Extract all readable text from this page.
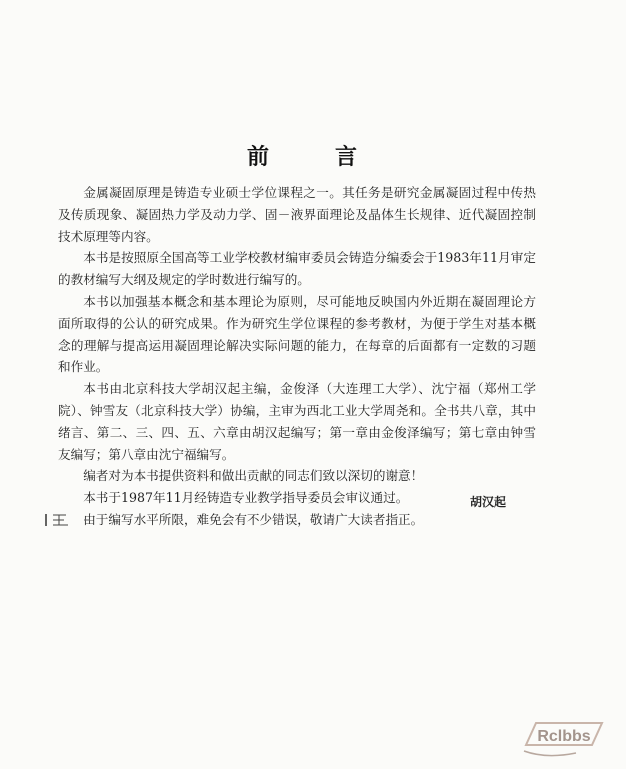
前　言

金属凝固原理是铸造专业硕士学位课程之一。其任务是研究金属凝固过程中传热及传质现象、凝固热力学及动力学、固－液界面理论及晶体生长规律、近代凝固控制技术原理等内容。

本书是按照原全国高等工业学校教材编审委员会铸造分编委会于1983年11月审定的教材编写大纲及规定的学时数进行编写的。

本书以加强基本概念和基本理论为原则，尽可能地反映国内外近期在凝固理论方面所取得的公认的研究成果。作为研究生学位课程的参考教材，为便于学生对基本概念的理解与提高运用凝固理论解决实际问题的能力，在每章的后面都有一定数的习题和作业。

本书由北京科技大学胡汉起主编，金俊泽（大连理工大学）、沈宁福（郑州工学院）、钟雪友（北京科技大学）协编，主审为西北工业大学周尧和。全书共八章，其中绪言、第二、三、四、五、六章由胡汉起编写；第一章由金俊泽编写；第七章由钟雪友编写；第八章由沈宁福编写。

编者对为本书提供资料和做出贡献的同志们致以深切的谢意！

本书于1987年11月经铸造专业教学指导委员会审议通过。

由于编写水平所限，难免会有不少错误，敬请广大读者指正。

胡汉起
Rclbbs
